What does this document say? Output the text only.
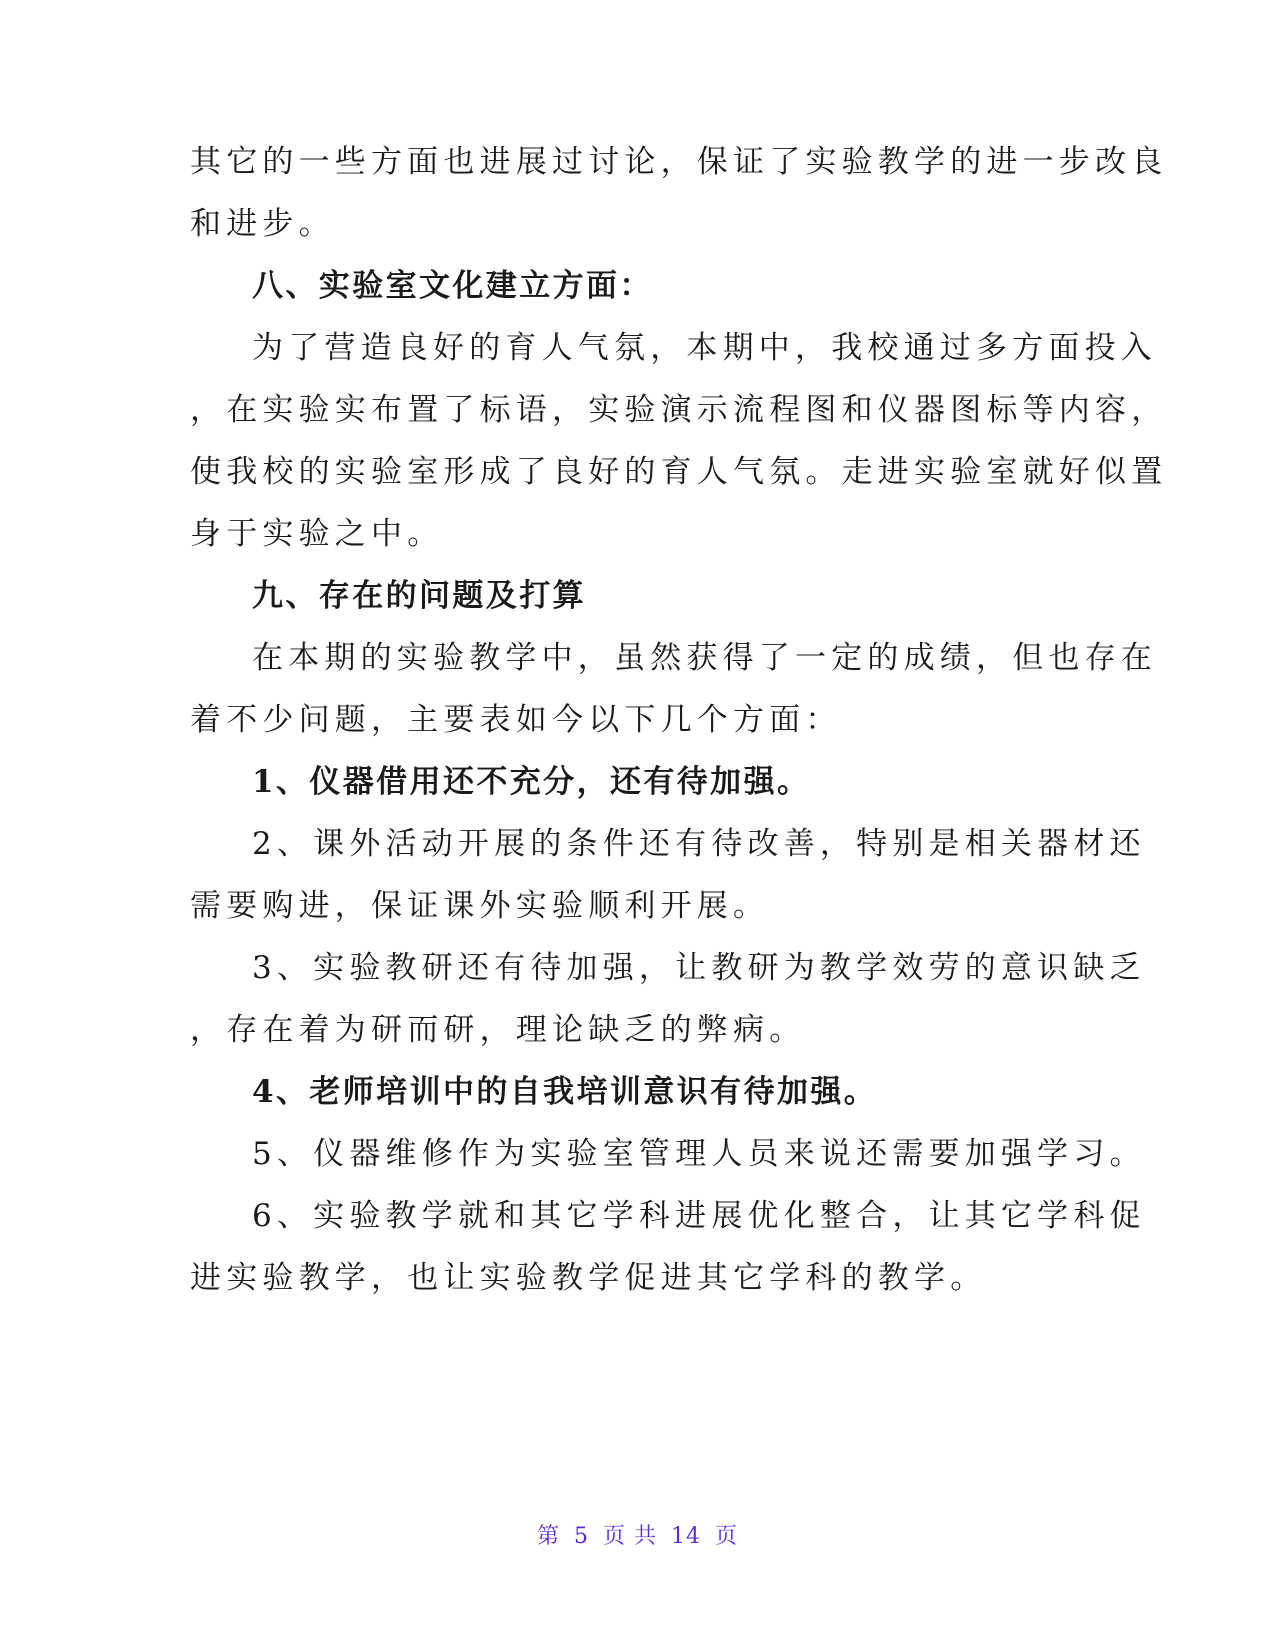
其它的一些方面也进展过讨论，保证了实验教学的进一步改良
和进步。
八、实验室文化建立方面：
为了营造良好的育人气氛，本期中，我校通过多方面投入
，在实验实布置了标语，实验演示流程图和仪器图标等内容，
使我校的实验室形成了良好的育人气氛。走进实验室就好似置
身于实验之中。
九、存在的问题及打算
在本期的实验教学中，虽然获得了一定的成绩，但也存在
着不少问题，主要表如今以下几个方面：
1、仪器借用还不充分，还有待加强。
2、课外活动开展的条件还有待改善，特别是相关器材还
需要购进，保证课外实验顺利开展。
3、实验教研还有待加强，让教研为教学效劳的意识缺乏
，存在着为研而研，理论缺乏的弊病。
4、老师培训中的自我培训意识有待加强。
5、仪器维修作为实验室管理人员来说还需要加强学习。
6、实验教学就和其它学科进展优化整合，让其它学科促
进实验教学，也让实验教学促进其它学科的教学。
第 5 页 共 14 页
